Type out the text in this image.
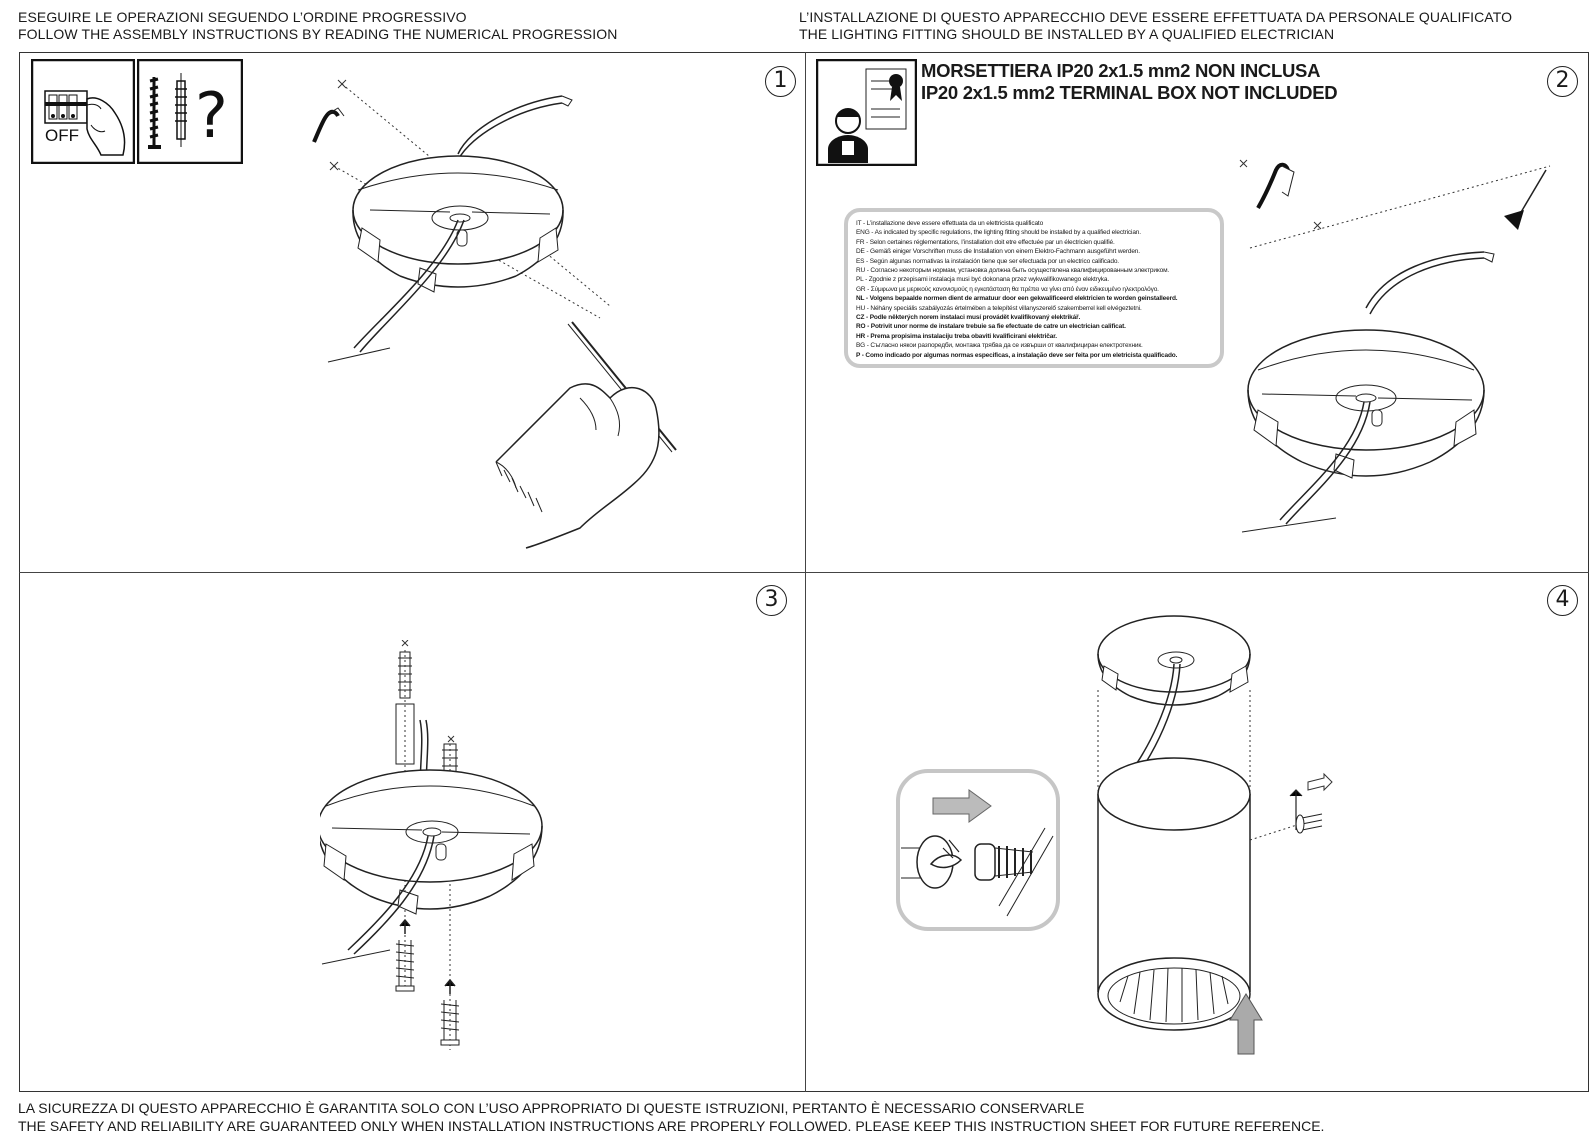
ESEGUIRE LE OPERAZIONI SEGUENDO L’ORDINE PROGRESSIVO
FOLLOW THE ASSEMBLY INSTRUCTIONS BY READING THE NUMERICAL PROGRESSION
L’INSTALLAZIONE DI QUESTO APPARECCHIO DEVE ESSERE EFFETTUATA DA PERSONALE QUALIFICATO
THE LIGHTING FITTING SHOULD BE INSTALLED BY A QUALIFIED ELECTRICIAN
1	2
3	4
OFF ?
MORSETTIERA IP20 2x1.5 mm2 NON INCLUSA
IP20 2x1.5 mm2 TERMINAL BOX NOT INCLUDED
IT - L’installazione deve essere effettuata da un elettricista qualificato
ENG - As indicated by specific regulations, the lighting fitting should be installed by a qualified electrician.
FR - Selon certaines réglementations, l’installation doit etre effectuée par un électricien qualifié.
DE - Gemäß einiger Vorschriften muss die Installation von einem Elektro-Fachmann ausgeführt werden.
ES - Según algunas normativas la instalación tiene que ser efectuada por un electrico calificado.
RU - Согласно некоторым нормам, установка должна быть осуществлена квалифицированным электриком.
PL - Zgodnie z przepisami instalacja musi być dokonana przez wykwalifikowanego elektryka.
GR - Σύμφωνα με μερικούς κανονισμούς η εγκατάσταση θα πρέπει να γίνει από έναν ειδικευμένο ηλεκτρολόγο.
NL - Volgens bepaalde normen dient de armatuur door een gekwalificeerd elektricien te worden geinstalleerd.
HU - Néhány speciális szabályozás értelmében a telepítést villanyszerelő szakemberrel kell elvégeztetni.
CZ - Podle některých norem instalaci musí provádět kvalifikovaný elektrikář.
RO - Potrivit unor norme de instalare trebuie sa fie efectuate de catre un electrician calificat.
HR - Prema propisima instalaciju treba obaviti kvalificirani električar.
BG - Съгласно някои разпоредби, монтажа трябва да се извърши от квалифициран електротехник.
P - Como indicado por algumas normas especificas, a instalação deve ser feita por um eletricista qualificado.
LA SICUREZZA DI QUESTO APPARECCHIO È GARANTITA SOLO CON L’USO APPROPRIATO DI QUESTE ISTRUZIONI, PERTANTO È NECESSARIO CONSERVARLE
THE SAFETY AND RELIABILITY ARE GUARANTEED ONLY WHEN INSTALLATION INSTRUCTIONS ARE PROPERLY FOLLOWED. PLEASE KEEP THIS INSTRUCTION SHEET FOR FUTURE REFERENCE.
